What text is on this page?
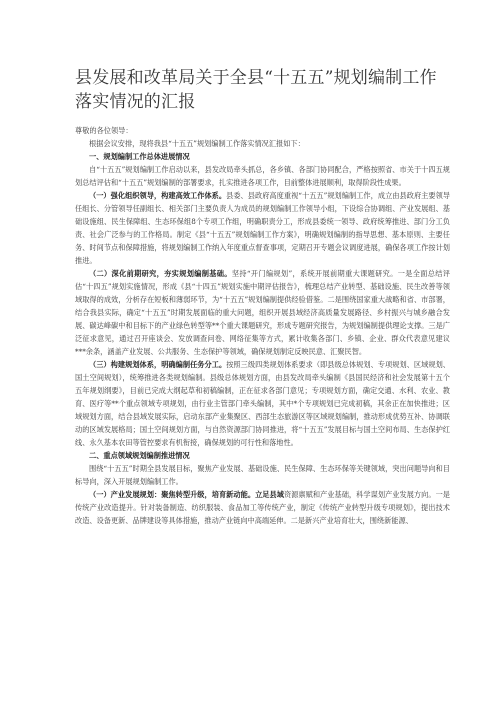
县发展和改革局关于全县“十五五”规划编制工作落实情况的汇报

尊敬的各位领导：

根据会议安排，现将我县“十五五”规划编制工作落实情况汇报如下：

一、规划编制工作总体进展情况

自“十五五”规划编制工作启动以来，县发改局牵头抓总，各乡镇、各部门协同配合，严格按照省、市关于十四五规划总结评估和“十五五”规划编制的部署要求，扎实推进各项工作，目前整体进展顺利，取得阶段性成果。

（一）强化组织领导，构建高效工作体系。县委、县政府高度重视“十五五”规划编制工作，成立由县政府主要领导任组长、分管领导任副组长、相关部门主要负责人为成员的规划编制工作领导小组，下设综合协调组、产业发展组、基础设施组、民生保障组、生态环保组8个专项工作组，明确职责分工，形成县委统一领导、政府统筹推进、部门分工负责、社会广泛参与的工作格局。制定《县“十五五”规划编制工作方案》，明确规划编制的指导思想、基本原则、主要任务、时间节点和保障措施，将规划编制工作纳入年度重点督查事项，定期召开专题会议调度进展，确保各项工作按计划推进。

（二）深化前期研究，夯实规划编制基础。坚持“开门编规划”，系统开展前期重大课题研究。一是全面总结评估“十四五”规划实施情况，形成《县“十四五”规划实施中期评估报告》，梳理总结产业转型、基础设施、民生改善等领域取得的成效，分析存在短板和薄弱环节，为“十五五”规划编制提供经验借鉴。二是围绕国家重大战略和省、市部署，结合我县实际，确定“十五五”时期发展面临的重大问题，组织开展县域经济高质量发展路径、乡村振兴与城乡融合发展、碳达峰碳中和目标下的产业绿色转型等**个重大课题研究，形成专题研究报告，为规划编制提供理论支撑。三是广泛征求意见，通过召开座谈会、发放调查问卷、网络征集等方式，累计收集各部门、乡镇、企业、群众代表意见建议***余条，涵盖产业发展、公共服务、生态保护等领域，确保规划制定反映民意、汇聚民智。

（三）构建规划体系，明确编制任务分工。按照三级四类规划体系要求（即县级总体规划、专项规划、区域规划、国土空间规划），统筹推进各类规划编制。县级总体规划方面，由县发改局牵头编制《县国民经济和社会发展第十五个五年规划纲要》，目前已完成大纲起草和初稿编制，正在征求各部门意见；专项规划方面，确定交通、水利、农业、教育、医疗等**个重点领域专项规划，由行业主管部门牵头编制，其中*个专项规划已完成初稿，其余正在加快推进；区域规划方面，结合县域发展实际，启动东部产业集聚区、西部生态旅游区等区域规划编制，推动形成优势互补、协调联动的区域发展格局；国土空间规划方面，与自然资源部门协同推进，将“十五五”发展目标与国土空间布局、生态保护红线、永久基本农田等管控要求有机衔接，确保规划的可行性和落地性。

二、重点领域规划编制推进情况

围绕“十五五”时期全县发展目标，聚焦产业发展、基础设施、民生保障、生态环保等关键领域，突出问题导向和目标导向，深入开展规划编制工作。

（一）产业发展规划：聚焦转型升级，培育新动能。立足县域资源禀赋和产业基础，科学谋划产业发展方向。一是传统产业改造提升。针对装备制造、纺织服装、食品加工等传统产业，制定《传统产业转型升级专项规划》，提出技术改造、设备更新、品牌建设等具体措施，推动产业链向中高端延伸。二是新兴产业培育壮大，围绕新能源、
